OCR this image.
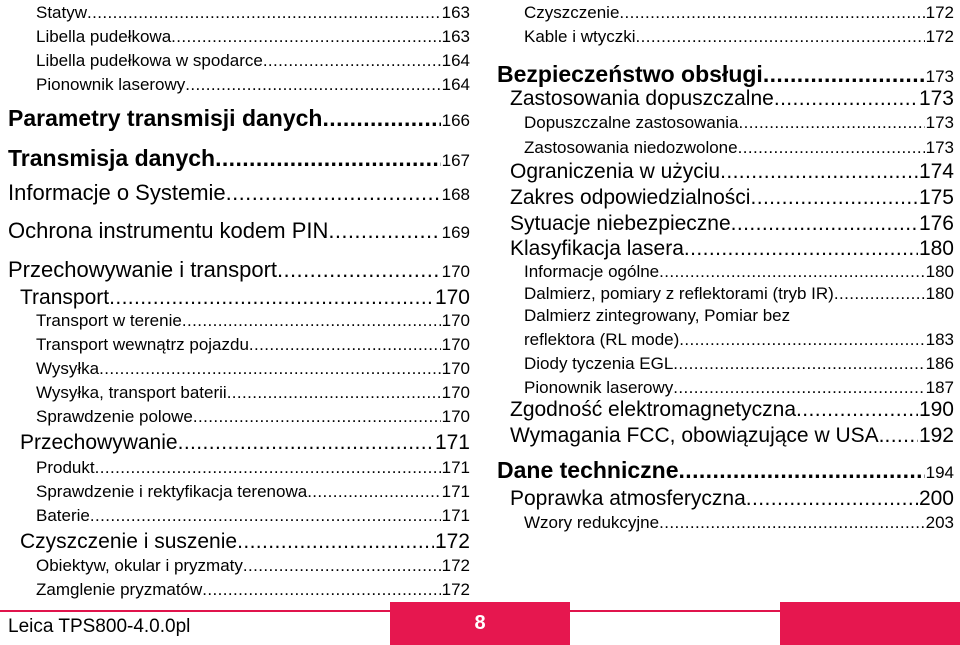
Statyw .....	163
Libella pudełkowa .....	163
Libella pudełkowa w spodarce .....	164
Pionownik laserowy .....	164
Parametry transmisji danych .....	166
Transmisja danych .....	167
Informacje o Systemie .....	168
Ochrona instrumentu kodem PIN .....	169
Przechowywanie i transport .....	170
Transport .....	170
Transport w terenie .....	170
Transport wewnątrz pojazdu .....	170
Wysyłka .....	170
Wysyłka, transport baterii .....	170
Sprawdzenie polowe .....	170
Przechowywanie .....	171
Produkt .....	171
Sprawdzenie i rektyfikacja terenowa .....	171
Baterie .....	171
Czyszczenie i suszenie .....	172
Obiektyw, okular i pryzmaty .....	172
Zamglenie pryzmatów .....	172
Czyszczenie .....	172
Kable i wtyczki .....	172
Bezpieczeństwo obsługi .....	173
Zastosowania dopuszczalne .....	173
Dopuszczalne zastosowania .....	173
Zastosowania niedozwolone .....	173
Ograniczenia w użyciu .....	174
Zakres odpowiedzialności .....	175
Sytuacje niebezpieczne .....	176
Klasyfikacja lasera .....	180
Informacje ogólne .....	180
Dalmierz, pomiary z reflektorami (tryb IR) .....	180
Dalmierz zintegrowany, Pomiar bez
reflektora (RL mode) .....	183
Diody tyczenia EGL .....	186
Pionownik laserowy .....	187
Zgodność elektromagnetyczna .....	190
Wymagania FCC, obowiązujące w USA. ..... 192
Dane techniczne .....	194
Poprawka atmosferyczna .....	200
Wzory redukcyjne .....	203
Leica TPS800-4.0.0pl	8
